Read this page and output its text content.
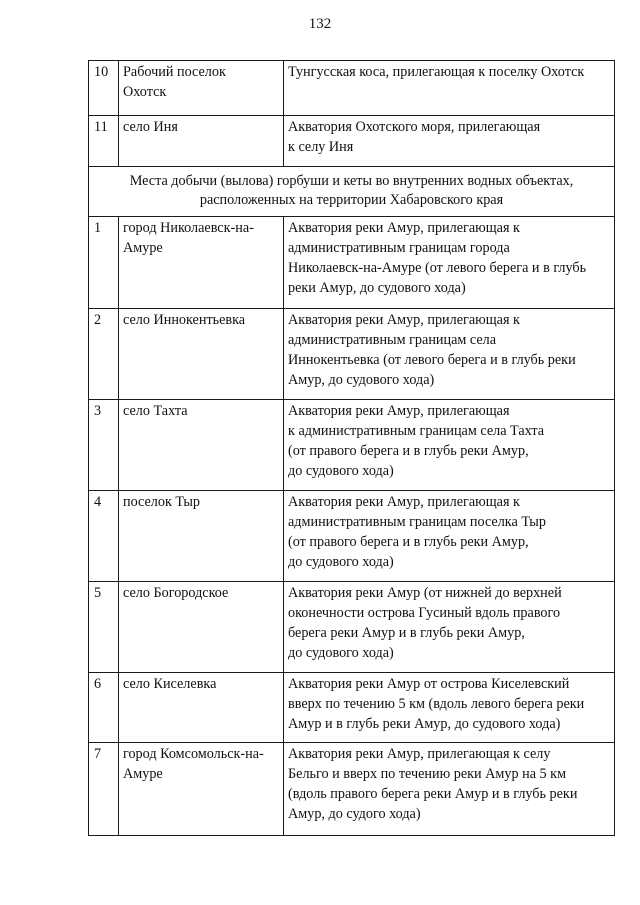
132
10	Рабочий поселок
Охотск	Тунгусская коса, прилегающая к поселку Охотск

11	село Иня	Акватория Охотского моря, прилегающая
к селу Иня

Места добычи (вылова) горбуши и кеты во внутренних водных объектах,
расположенных на территории Хабаровского края		

1	город Николаевск-на-
Амуре	Акватория реки Амур, прилегающая к
административным границам города
Николаевск-на-Амуре (от левого берега и в глубь
реки Амур, до судового хода)

2	село Иннокентьевка	Акватория реки Амур, прилегающая к
административным границам села
Иннокентьевка (от левого берега и в глубь реки
Амур, до судового хода)

3	село Тахта	Акватория реки Амур, прилегающая
к административным границам села Тахта
(от правого берега и в глубь реки Амур,
до судового хода)

4	поселок Тыр	Акватория реки Амур, прилегающая к
административным границам поселка Тыр
(от правого берега и в глубь реки Амур,
до судового хода)

5	село Богородское	Акватория реки Амур (от нижней до верхней
оконечности острова Гусиный вдоль правого
берега реки Амур и в глубь реки Амур,
до судового хода)

6	село Киселевка	Акватория реки Амур от острова Киселевский
вверх по течению 5 км (вдоль левого берега реки
Амур и в глубь реки Амур, до судового хода)

7	город Комсомольск-на-
Амуре	Акватория реки Амур, прилегающая к селу
Бельго и вверх по течению реки Амур на 5 км
(вдоль правого берега реки Амур и в глубь реки
Амур, до судого хода)
